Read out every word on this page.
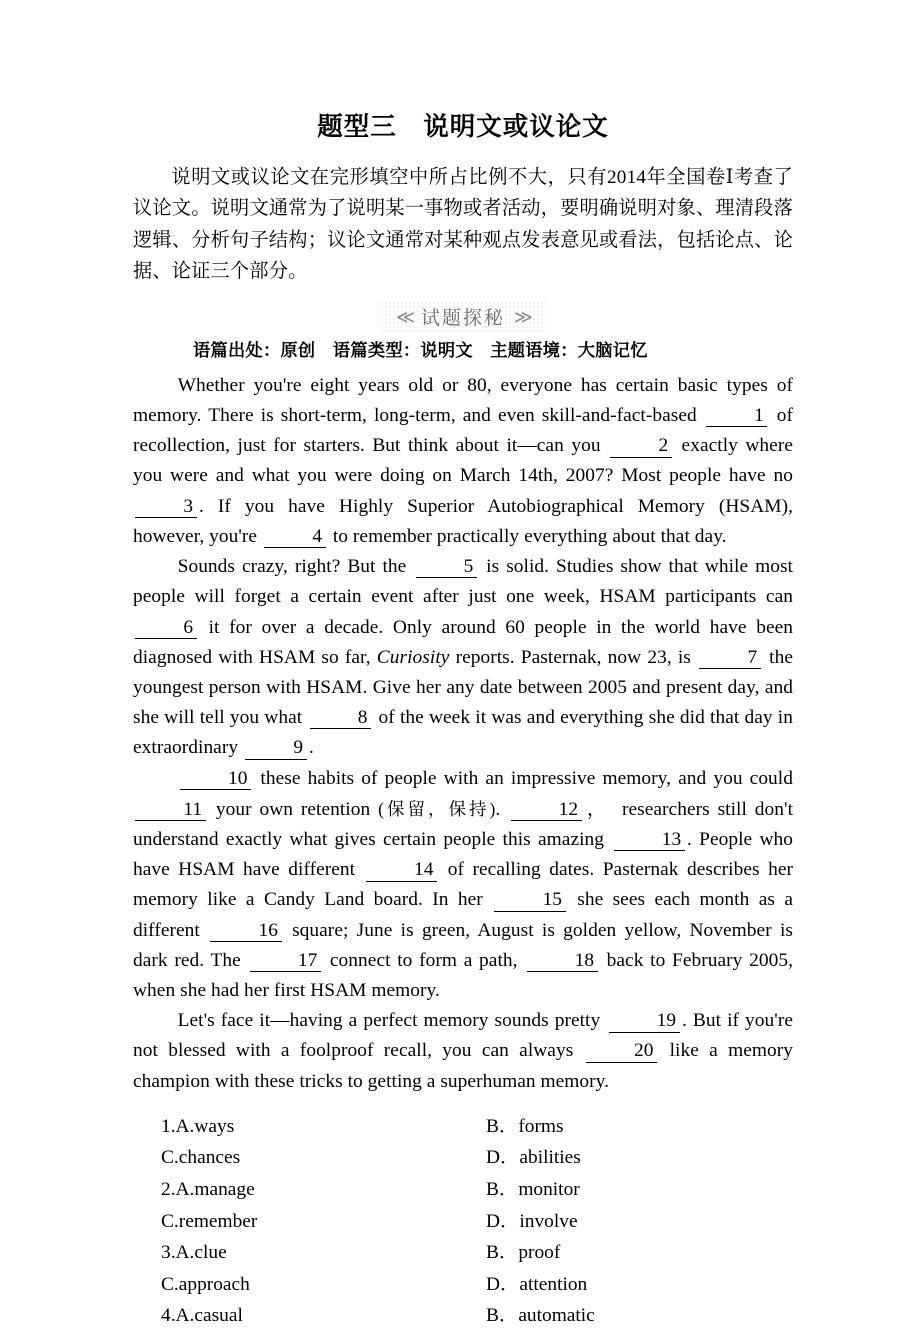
题型三　说明文或议论文

说明文或议论文在完形填空中所占比例不大，只有2014年全国卷Ⅰ考查了议论文。说明文通常为了说明某一事物或者活动，要明确说明对象、理清段落逻辑、分析句子结构；议论文通常对某种观点发表意见或看法，包括论点、论据、论证三个部分。

≪ 试题探秘 ≫
语篇出处：原创　语篇类型：说明文　主题语境：大脑记忆

Whether you're eight years old or 80, everyone has certain basic types of memory. There is short-term, long-term, and even skill-and-fact-based	1 of recollection, just for starters. But think about it—can you	2 exactly where you were and what you were doing on March 14th, 2007? Most people have no 3 . If you have Highly Superior Autobiographical Memory (HSAM), however, you're	4 to remember practically everything about that day.

Sounds crazy, right? But the	5 is solid. Studies show that while most people will forget a certain event after just one week, HSAM participants can 6 it for over a decade. Only around 60 people in the world have been diagnosed with HSAM so far, Curiosity reports. Pasternak, now 23, is	7 the youngest person with HSAM. Give her any date between 2005 and present day, and she will tell you what	8 of the week it was and everything she did that day in extraordinary	9 .

10 these habits of people with an impressive memory, and you could 11 your own retention (保留，保持).	12 ，　researchers still don't understand exactly what gives certain people this amazing	13 . People who have HSAM have different	14 of recalling dates. Pasternak describes her memory like a Candy Land board. In her	15 she sees each month as a different	16 square; June is green, August is golden yellow, November is dark red. The	17 connect to form a path,	18 back to February 2005, when she had her first HSAM memory.

Let's face it—having a perfect memory sounds pretty	19 . But if you're not blessed with a foolproof recall, you can always	20 like a memory champion with these tricks to getting a superhuman memory.

1.A.ways	B．forms
C.chances	D．abilities
2.A.manage	B．monitor
C.remember	D．involve
3.A.clue	B．proof
C.approach	D．attention
4.A.casual	B．automatic
